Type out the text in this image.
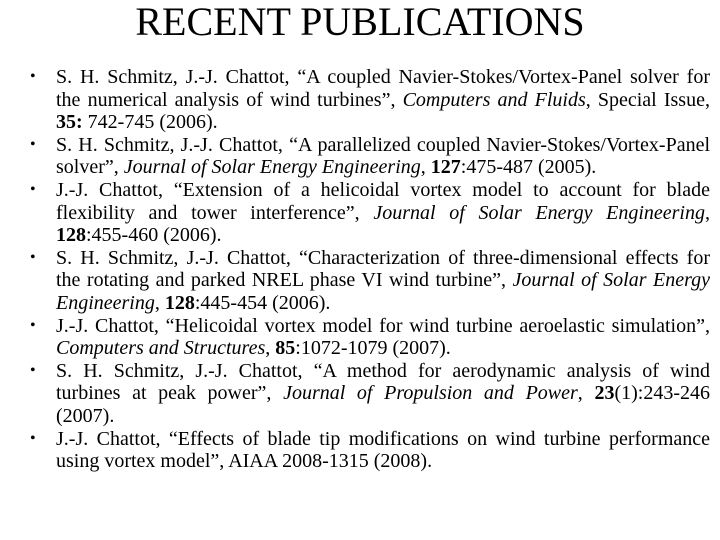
RECENT PUBLICATIONS
• S. H. Schmitz, J.-J. Chattot, “A coupled Navier-Stokes/Vortex-Panel solver for the numerical analysis of wind turbines”, Computers and Fluids, Special Issue, 35: 742-745 (2006).
• S. H. Schmitz, J.-J. Chattot, “A parallelized coupled Navier-Stokes/Vortex-Panel solver”, Journal of Solar Energy Engineering, 127:475-487 (2005).
• J.-J. Chattot, “Extension of a helicoidal vortex model to account for blade flexibility and tower interference”, Journal of Solar Energy Engineering, 128:455-460 (2006).
• S. H. Schmitz, J.-J. Chattot, “Characterization of three-dimensional effects for the rotating and parked NREL phase VI wind turbine”, Journal of Solar Energy Engineering, 128:445-454 (2006).
• J.-J. Chattot, “Helicoidal vortex model for wind turbine aeroelastic simulation”, Computers and Structures, 85:1072-1079 (2007).
• S. H. Schmitz, J.-J. Chattot, “A method for aerodynamic analysis of wind turbines at peak power”, Journal of Propulsion and Power, 23(1):243-246 (2007).
• J.-J. Chattot, “Effects of blade tip modifications on wind turbine performance using vortex model”, AIAA 2008-1315 (2008).
